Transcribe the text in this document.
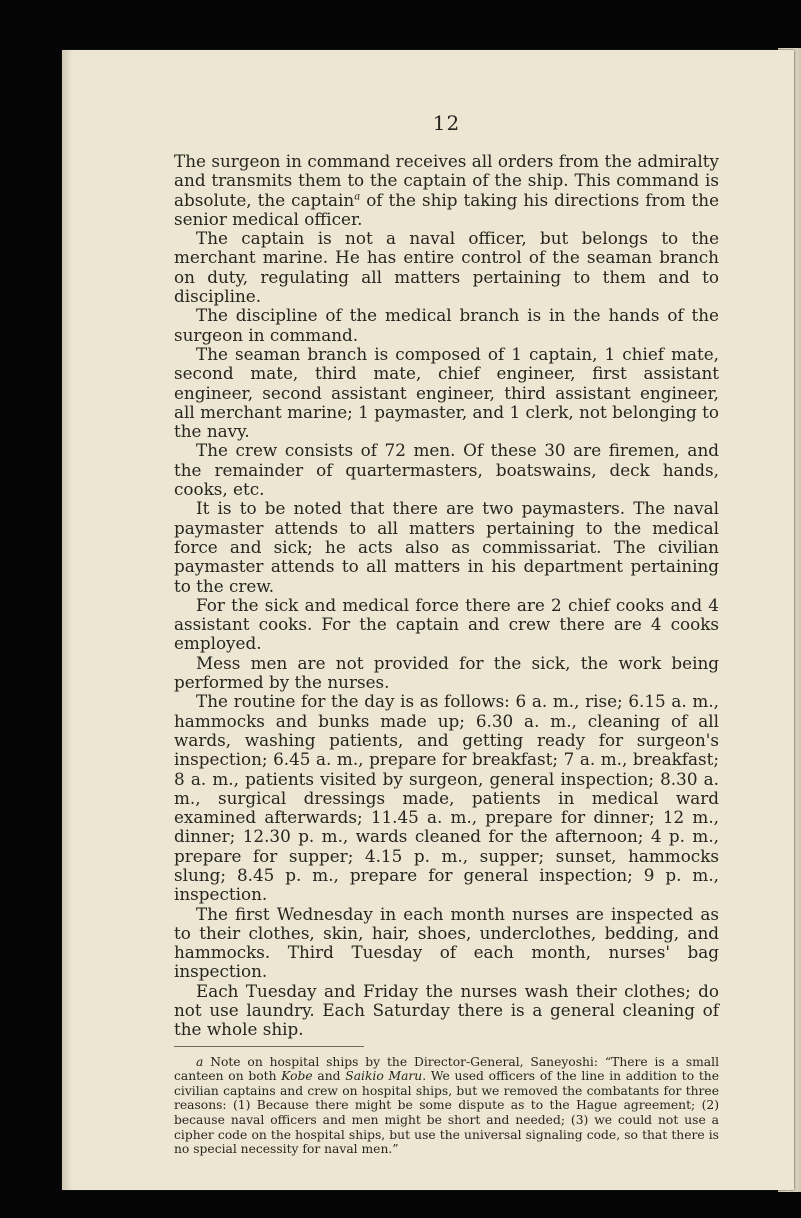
12

The surgeon in command receives all orders from the admiralty and transmits them to the captain of the ship. This command is absolute, the captain$^a$ of the ship taking his directions from the senior medical officer.

The captain is not a naval officer, but belongs to the merchant marine. He has entire control of the seaman branch on duty, regulating all matters pertaining to them and to discipline.

The discipline of the medical branch is in the hands of the surgeon in command.

The seaman branch is composed of 1 captain, 1 chief mate, second mate, third mate, chief engineer, first assistant engineer, second assistant engineer, third assistant engineer, all merchant marine; 1 paymaster, and 1 clerk, not belonging to the navy.

The crew consists of 72 men. Of these 30 are firemen, and the remainder of quartermasters, boatswains, deck hands, cooks, etc.

It is to be noted that there are two paymasters. The naval paymaster attends to all matters pertaining to the medical force and sick; he acts also as commissariat. The civilian paymaster attends to all matters in his department pertaining to the crew.

For the sick and medical force there are 2 chief cooks and 4 assistant cooks. For the captain and crew there are 4 cooks employed.

Mess men are not provided for the sick, the work being performed by the nurses.

The routine for the day is as follows: 6 a. m., rise; 6.15 a. m., hammocks and bunks made up; 6.30 a. m., cleaning of all wards, washing patients, and getting ready for surgeon's inspection; 6.45 a. m., prepare for breakfast; 7 a. m., breakfast; 8 a. m., patients visited by surgeon, general inspection; 8.30 a. m., surgical dressings made, patients in medical ward examined afterwards; 11.45 a. m., prepare for dinner; 12 m., dinner; 12.30 p. m., wards cleaned for the afternoon; 4 p. m., prepare for supper; 4.15 p. m., supper; sunset, hammocks slung; 8.45 p. m., prepare for general inspection; 9 p. m., inspection.

The first Wednesday in each month nurses are inspected as to their clothes, skin, hair, shoes, underclothes, bedding, and hammocks. Third Tuesday of each month, nurses' bag inspection.

Each Tuesday and Friday the nurses wash their clothes; do not use laundry. Each Saturday there is a general cleaning of the whole ship.

a Note on hospital ships by the Director-General, Saneyoshi: “There is a small canteen on both Kobe and Saikio Maru. We used officers of the line in addition to the civilian captains and crew on hospital ships, but we removed the combatants for three reasons: (1) Because there might be some dispute as to the Hague agreement; (2) because naval officers and men might be short and needed; (3) we could not use a cipher code on the hospital ships, but use the universal signaling code, so that there is no special necessity for naval men.”
